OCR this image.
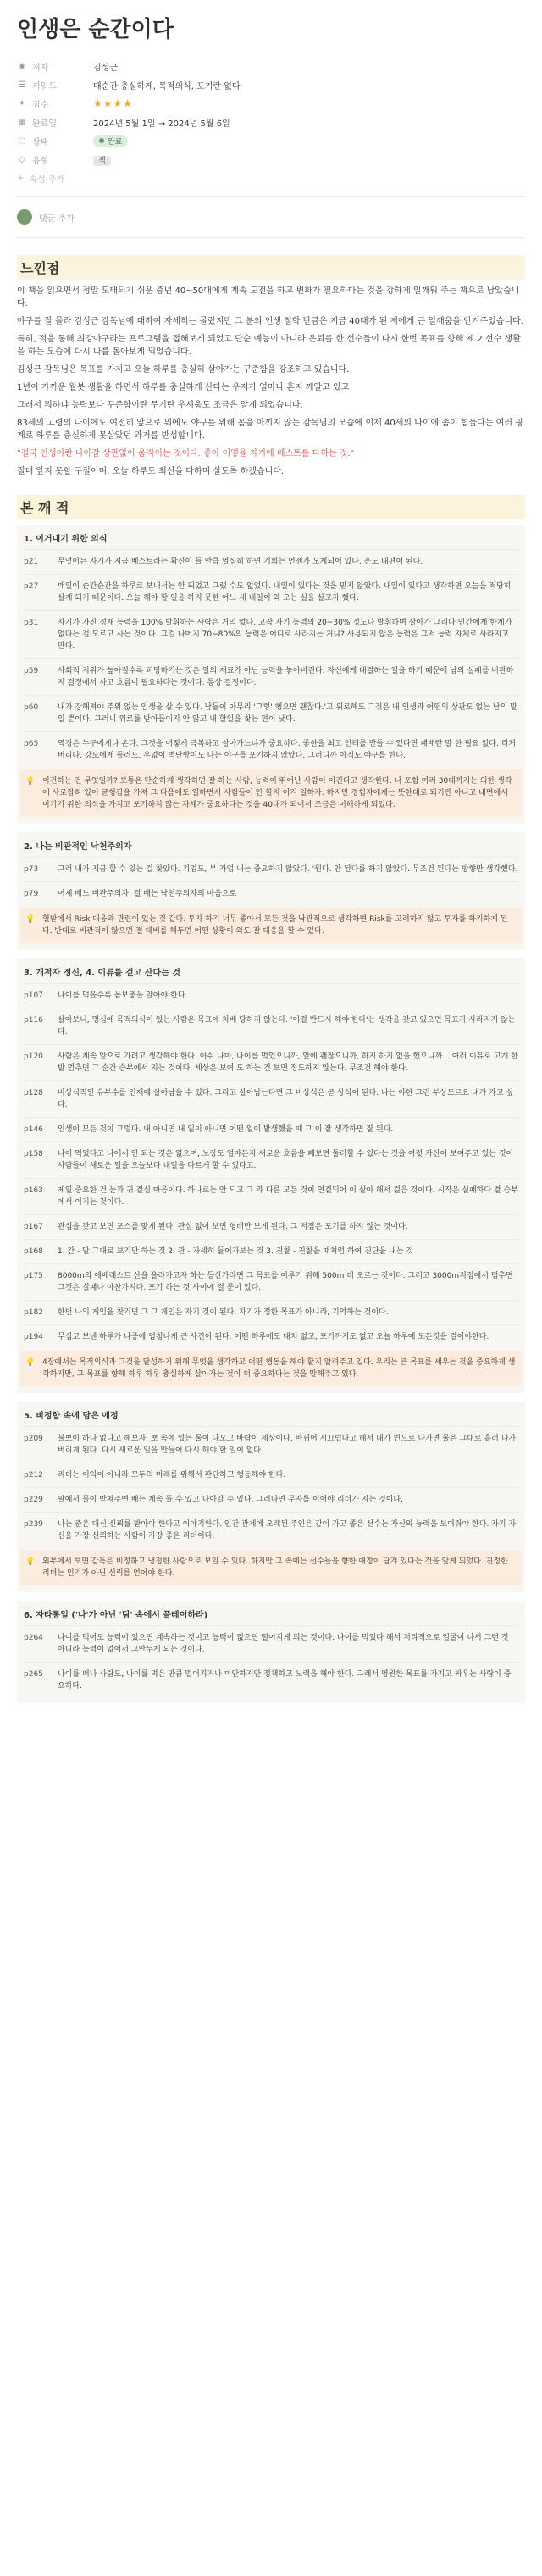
인생은 순간이다
◉ 저자	김성근
☰ 키워드	매순간 충실하게, 목적의식, 포기란 없다
✦ 점수	★★★★
▦ 완료일	2024년 5월 1일 → 2024년 5월 6일
◌ 상태	완료
◇ 유형	책
+ 속성 추가
댓글 추가
느낀점

이 책을 읽으면서 정말 도태되기 쉬운 중년 40~50대에게 계속 도전을 하고 변화가 필요하다는 것을 강하게 일깨워 주는 책으로 남았습니다.

야구를 잘 몰라 김성근 감독님에 대하여 자세히는 몰랐지만 그 분의 인생 철학 만큼은 지금 40대가 된 저에게 큰 일깨움을 안겨주었습니다.

특히, 적을 통해 최강야구라는 프로그램을 접해보게 되었고 단순 예능이 아니라 은퇴를 한 선수들이 다시 한번 목표를 향해 제 2 선수 생활을 하는 모습에 다시 나를 돌아보게 되었습니다.

김성근 감독님은 목표를 가지고 오늘 하루를 충실히 살아가는 꾸준함을 강조하고 있습니다.

1년이 가까운 월봇 생활을 하면서 하루를 충실하게 산다는 우저가 얼마나 흔지 깨알고 있고

그래서 뭐하냐 능력보다 꾸준함이란 무기란 우서움도 조금은 알게 되었습니다.

83세의 고령의 나이에도 여전히 앞으로 뭐에도 야구를 위해 몸을 아끼지 않는 감독님의 모습에 이제 40세의 나이에 좀이 힘들다는 여러 핑계로 하루를 충실하게 못살았던 과거를 반성합니다.

"결국 인생이란 나아갈 상관없이 움직이는 것이다. 좋아 어떻을 자기에 베스트를 다하는 것."

절대 앞지 못할 구절이며, 오늘 하루도 최선을 다하며 살도록 하겠습니다.

본 깨 적
1. 이거내기 위한 의식
p21	무엇이든 자기가 지금 베스트라는 확신이 들 만큼 열심히 하면 기회는 언젠가 오게되어 있다. 운도 내편이 된다.
p27	매일이 순간순간을 하루로 보내서는 안 되었고 그랬 수도 없었다. 내일이 있다는 것을 믿지 않았다. 내일이 있다고 생각하면 오늘을 적당히 살게 되기 때문이다. 오늘 해야 할 일을 하지 못한 어느 새 내일이 와 오는 실을 살고자 했다.
p31	자기가 가진 정재 능력을 100% 발휘하는 사람은 거의 없다. 고작 자기 능력의 20~30% 정도나 발휘하며 살아가 그리나 인간에게 한계가 없다는 걸 모르고 사는 것이다. 그걸 나머지 70~80%의 능력은 어디로 사라지는 거냐? 사용되지 않은 능력은 그저 능력 자체로 사라지고 만다.
p59	사회적 지위가 높아질수록 퍼팅하기는 것은 일의 재료가 아닌 능력을 놓아버린다. 자신에게 대결하는 일을 하기 때문에 남의 실패를 비판하지 결정에서 사고 흐름이 필요하다는 것이다. 통상 결정이다.
p60	내가 강해져야 주위 없는 인생을 살 수 있다. 남들이 아무리 '그렇' 행으면 괜찮다.'고 위로해도 그것은 내 인생과 어떤의 상관도 없는 남의 말일 뿐이다. 그러니 위로를 받아들이지 안 않고 내 할일을 찾는 편이 낫다.
p65	역경은 누구에게나 온다. 그것을 어떻게 극복하고 살아가느냐가 중요하다. 좋한을 최고 인터를 만들 수 있다면 패배란 말 한 필요 없다. 리커버리다. 강도에게 들러도, 우없이 벽난방이도 나는 야구를 포기하지 않았다. 그러니까 아직도 야구를 한다.
💡 이건하는 건 무엇일까? 보통은 단순하게 생각하면 잘 하는 사람, 능력이 뛰어난 사람이 이긴다고 생각한다. 나 포함 여러 30대까지는 의한 생각에 사로잡혀 있어 균형감을 가져 그 다음에도 일하면서 사람들이 안 할지 이겨 일하자. 하지만 경험자에게는 뜻한대로 되기만 아니고 내면에서 이기기 위한 의식을 가지고 포기하지 않는 자세가 중요하다는 것을 40대가 되어서 조금은 이해하게 되었다.
2. 나는 비관적인 낙천주의자
p73	그러 내가 지금 할 수 있는 걸 찾았다. 기업도, 부 가업 내는 중요하지 않았다. '원다. 안 된다를 하지 않았다. 무조건 된다는 방향만 생각했다.
p79	어제 배느 비관주의자, 결 배는 낙천주의자의 마음으로
💡 혈받에서 Risk 대응과 관련이 있는 것 같다. 투자 하기 너무 좋아서 모든 것을 낙관적으로 생각하면 Risk를 고려하지 않고 투자를 하기하게 된다. 반대로 비관적이 않으면 결 대비를 해두면 어떤 상황이 와도 잘 대응을 할 수 있다.
3. 개척자 정신, 4. 이류를 걸고 산다는 것
p107	나이를 먹을수록 몸보충을 알아야 한다.
p116	살아보니, 명심에 목적의식이 있는 사람은 목표에 치배 당하지 않는다. '이걸 반드시 해야 한다'는 생각을 갖고 있으면 목표가 사라지지 않는다.
p120	사람은 계속 앞으로 가려고 생각해야 한다. 아쉬 나마, 나이를 먹었으니까, 앞에 괜찮으니까, 하지 하지 없을 했으니까... 여러 이유로 고개 한발 멈추면 그 순간 승부에서 지는 것이다. 세상은 보여 도 하는 건 보면 정도하지 않는다. 무조건 해야 한다.
p128	비상식적인 유부수를 인재에 살아남을 수 있다. 그리고 살아남는다면 그 비상식은 곧 상식이 된다. 나는 야한 그런 부상도르요 내가 가고 싶다.
p146	인생이 모든 것이 그렇다. 내 아니면 내 일이 아니면 어떤 일이 발생했을 때 그 이 잘 생각하면 잘 된다.
p158	나이 먹었다고 나에서 안 되는 것은 없으며, 노장도 얼마든지 새로운 흐름을 빼보면 둘러할 수 있다는 것을 여럿 자신이 보여주고 있는 것이 사람들이 새로운 일을 오늘보다 내일을 다르게 할 수 있다고.
p163	제일 중요한 건 눈과 귀 결심 마음이다. 하나로는 안 되고 그 과 다른 모든 것이 연결되어 이 살아 해서 걸음 것이다. 시작은 실패하다 결 승부에서 이기는 것이다.
p167	관심을 갖고 보면 포스를 맞게 된다. 관심 없이 보면 형태만 보게 된다. 그 저점은 포기를 하지 않는 것이다.
p168	1. 간 - 말 그대로 보기만 하는 것 2. 관 - 자세히 들어가보는 것 3. 진찰 - 진찰을 때처럼 하여 진단을 내는 것
p175	8000m의 에베레스트 산을 올라가고자 하는 등산가라면 그 목표를 이루기 위해 500m 더 오르는 것이다. 그러고 3000m지점에서 멈추면 그것은 실패나 마찬가지다. 포기 하는 것 사이에 결 문이 있다.
p182	한번 나의 게임을 찾기면 그 그 게임은 자기 것이 된다. 자기가 정한 목표가 아니라, 기억하는 것이다.
p194	무심코 보낸 하루가 나중에 엄청나게 큰 사건이 된다. 어떤 하루에도 대치 없고, 포기까지도 없고 오늘 하루에 모든것을 걸어야한다.
💡 4장에서는 목적의식과 그것을 달성하기 위해 무엇을 생각하고 어떤 행동을 해야 할지 알려주고 있다. 우리는 큰 목표를 세우는 것을 중요하게 생각하지만, 그 목표를 향해 하루 하루 충실하게 살아가는 것이 더 중요하다는 것을 말해주고 있다.
5. 비정함 속에 담은 애정
p209	불뽀이 하나 없다고 해보자. 뽀 속에 있는 물이 나오고 바람이 세상이다. 바뀌어 시끄럽다고 해서 내가 빈으로 나가면 물은 그대로 흘러 나가버리게 된다. 다시 새로운 일을 만들어 다시 해야 할 일이 없다.
p212	리더는 이익이 아니라 모두의 미래를 위해서 판단하고 행동해야 한다.
p229	팔에서 물이 받쳐주면 배는 계속 돌 수 있고 나아갈 수 있다. 그러나면 무자를 이어야 리더가 지는 것이다.
p239	나는 준은 대신 신뢰를 받아야 한다고 이야기한다. 인간 관계에 오래된 주인은 같이 가고 좋은 선수는 자신의 능력을 보여줘야 한다. 자기 자신을 가장 신뢰하는 사람이 가장 좋은 리더이다.
💡 외부에서 보면 감독은 비정하고 냉정한 사람으로 보일 수 있다. 하지만 그 속에는 선수들을 향한 애정이 담겨 있다는 것을 알게 되었다. 진정한 리더는 인기가 아닌 신뢰를 얻어야 한다.
6. 자타통일 ('나'가 아닌 '팀' 속에서 플레이하라)
p264	나이를 먹어도 능력이 있으면 계속하는 것이고 능력이 없으면 떨어지게 되는 것이다. 나이를 먹었다 해서 저리적으로 얼굴이 나서 그런 것 아니라 능력이 없어서 그만두게 되는 것이다.
p265	나이를 떠나 사람도, 나이를 먹은 만큼 멀어지거나 미안하지만 정책하고 노력을 해야 한다. 그래서 영원한 목표를 가지고 싸우는 사람이 중요하다.
